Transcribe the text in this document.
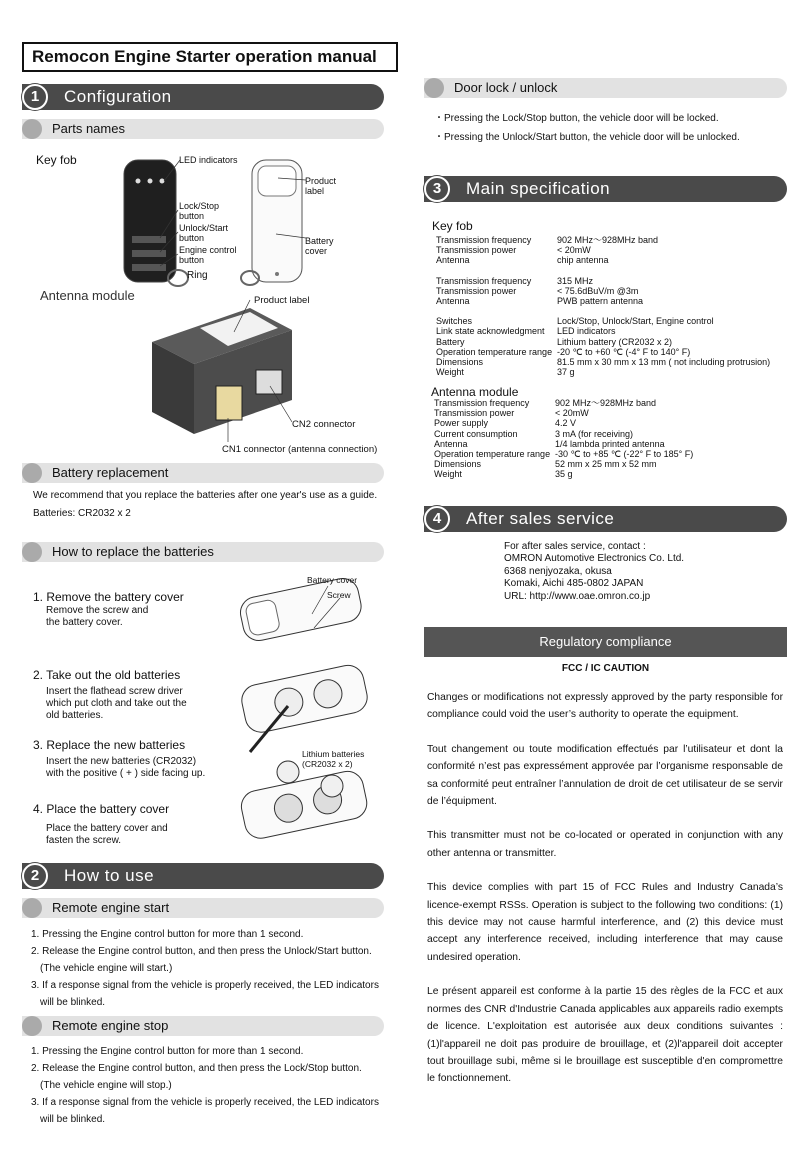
Remocon Engine Starter operation manual
1	Configuration
Parts names
Key fob	LED indicators
Lock/Stop
button
Unlock/Start
button
Engine control
button
Ring
Product
label
Battery
cover
Antenna module	Product label
CN2 connector
CN1 connector (antenna connection)
Battery replacement
We recommend that you replace the batteries after one year's use as a guide.
Batteries: CR2032 x 2
How to replace the batteries
Battery cover
Screw
Lithium batteries
(CR2032 x 2)
1. Remove the battery cover
Remove the screw and
the battery cover.
2. Take out the old batteries
Insert the flathead screw driver
which put cloth and take out the
old batteries.
3. Replace the new batteries
Insert the new batteries (CR2032)
with the positive ( + ) side facing up.
4. Place the battery cover
Place the battery cover and
fasten the screw.
2	How to use
Remote engine start
1. Pressing the Engine control button for more than 1 second.
2. Release the Engine control button, and then press the Unlock/Start button.
(The vehicle engine will start.)
3. If a response signal from the vehicle is properly received, the LED indicators
will be blinked.
Remote engine stop
1. Pressing the Engine control button for more than 1 second.
2. Release the Engine control button, and then press the Lock/Stop button.
(The vehicle engine will stop.)
3. If a response signal from the vehicle is properly received, the LED indicators
will be blinked.
Door lock / unlock
・Pressing the Lock/Stop button, the vehicle door will be locked.
・Pressing the Unlock/Start button, the vehicle door will be unlocked.
3	Main specification
Key fob
Transmission frequency	902 MHz～928MHz band
Transmission power	< 20mW
Antenna	chip antenna
Transmission frequency	315 MHz
Transmission power	< 75.6dBuV/m @3m
Antenna	PWB pattern antenna
Switches	Lock/Stop, Unlock/Start, Engine control
Link state acknowledgment	LED indicators
Battery	Lithium battery (CR2032 x 2)
Operation temperature range -20 ℃ to +60 ℃ (-4° F to 140° F)
Dimensions	81.5 mm x 30 mm x 13 mm ( not including protrusion)
Weight	37 g
Antenna module
Transmission frequency	902 MHz～928MHz band
Transmission power	< 20mW
Power supply	4.2 V
Current consumption	3 mA (for receiving)
Antenna	1/4 lambda printed antenna
Operation temperature range -30 ℃ to +85 ℃ (-22° F to 185° F)
Dimensions	52 mm x 25 mm x 52 mm
Weight	35 g
4	After sales service
For after sales service, contact :
OMRON Automotive Electronics Co. Ltd.
6368 nenjyozaka, okusa
Komaki, Aichi 485-0802 JAPAN
URL: http://www.oae.omron.co.jp
Regulatory compliance
FCC / IC CAUTION

Changes or modifications not expressly approved by the party responsible for compliance could void the user’s authority to operate the equipment.

Tout changement ou toute modification effectués par l’utilisateur et dont la conformité n’est pas expressément approvée par l’organisme responsable de sa conformité peut entraîner l’annulation de droit de cet utilisateur de se servir de l’équipment.

This transmitter must not be co-located or operated in conjunction with any other antenna or transmitter.

This device complies with part 15 of FCC Rules and Industry Canada’s licence-exempt RSSs. Operation is subject to the following two conditions: (1) this device may not cause harmful interference, and (2) this device must accept any interference received, including interference that may cause undesired operation.

Le présent appareil est conforme à la partie 15 des règles de la FCC et aux normes des CNR d'Industrie Canada applicables aux appareils radio exempts de licence. L'exploitation est autorisée aux deux conditions suivantes : (1)l'appareil ne doit pas produire de brouillage, et (2)l'appareil doit accepter tout brouillage subi, même si le brouillage est susceptible d'en compromettre le fonctionnement.
